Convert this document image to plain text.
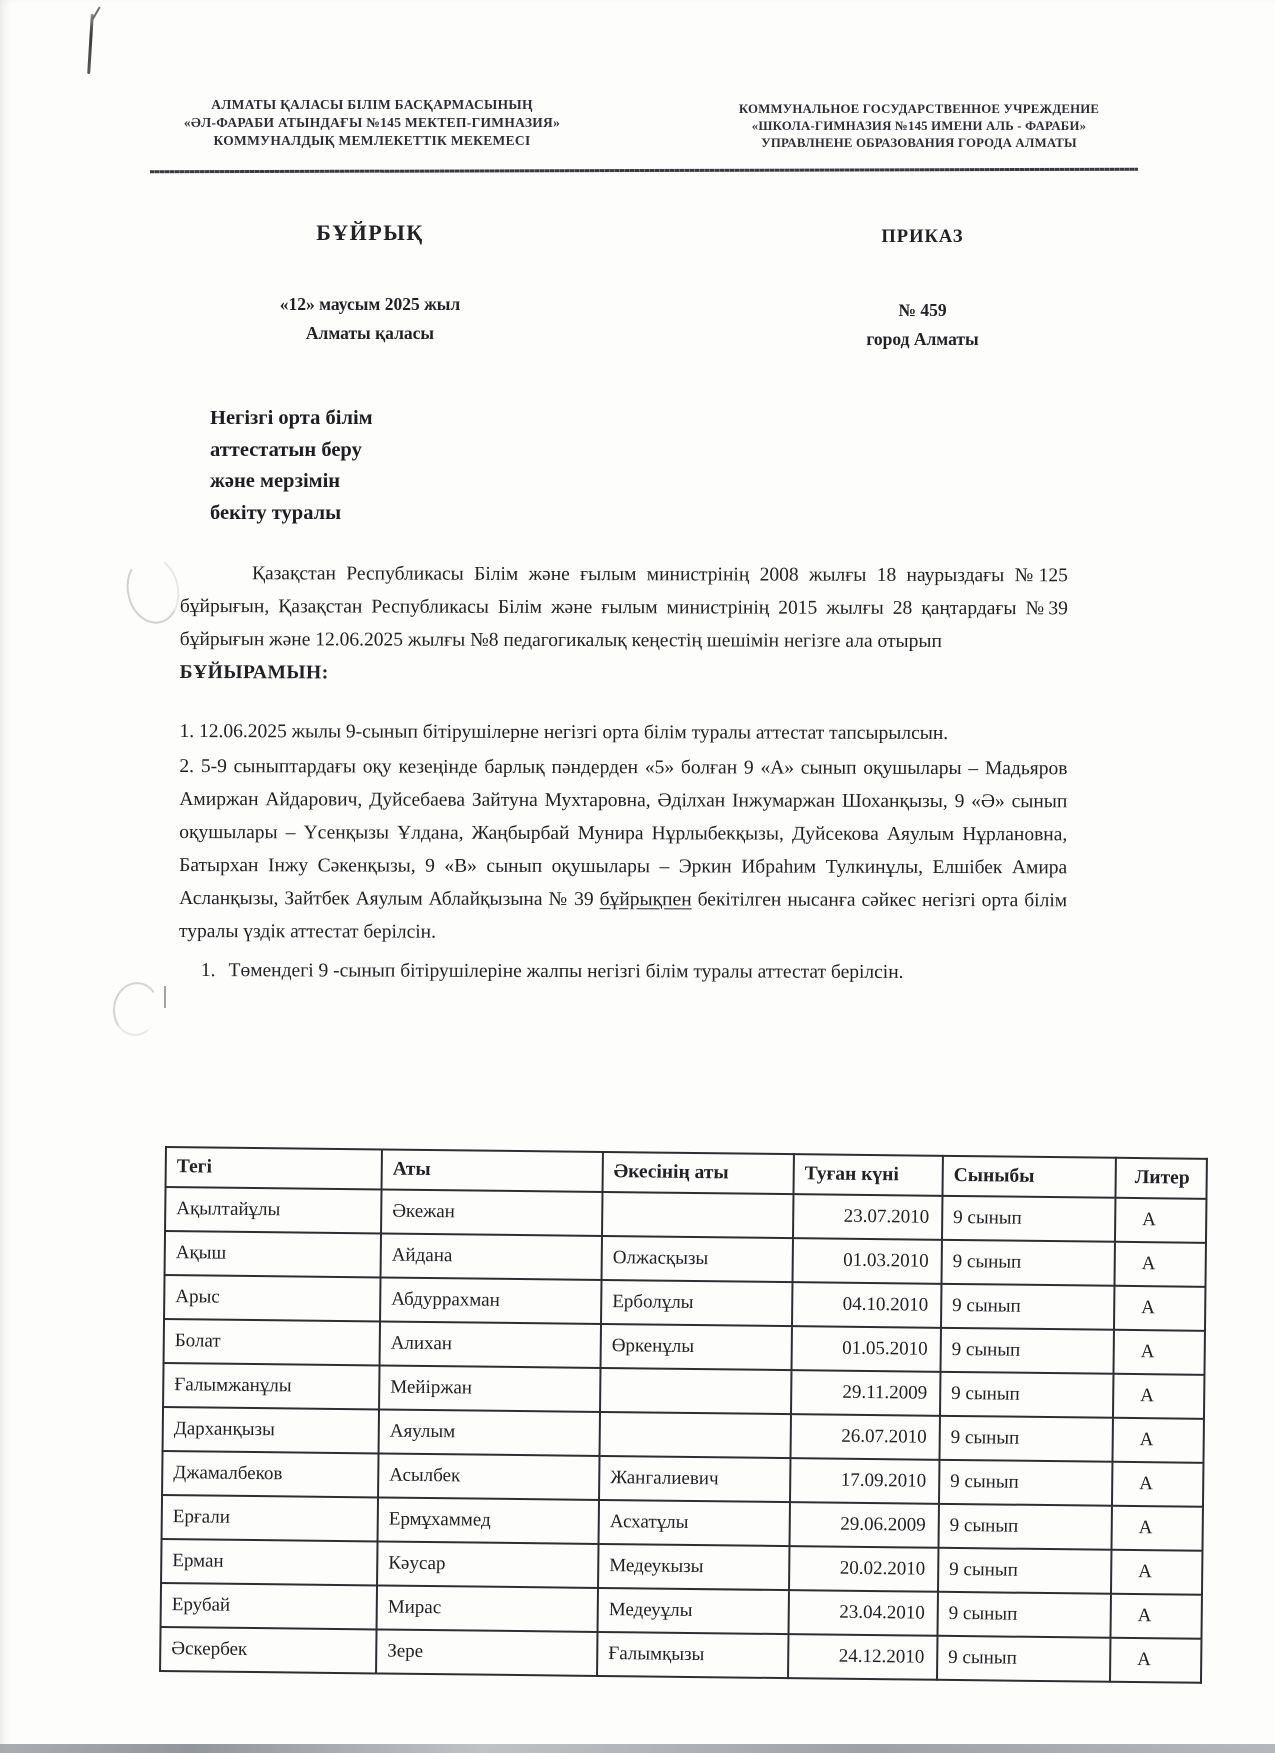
АЛМАТЫ ҚАЛАСЫ БІЛІМ БАСҚАРМАСЫНЫҢ
«ӘЛ-ФАРАБИ АТЫНДАҒЫ №145 МЕКТЕП-ГИМНАЗИЯ»
КОММУНАЛДЫҚ МЕМЛЕКЕТТІК МЕКЕМЕСІ
КОММУНАЛЬНОЕ ГОСУДАРСТВЕННОЕ УЧРЕЖДЕНИЕ
«ШКОЛА-ГИМНАЗИЯ №145 ИМЕНИ АЛЬ - ФАРАБИ»
УПРАВЛНЕНЕ ОБРАЗОВАНИЯ ГОРОДА АЛМАТЫ
БҰЙРЫҚ	ПРИКАЗ
«12» маусым 2025 жыл
Алматы қаласы
№ 459
город Алматы
Негізгі орта білім
аттестатын беру
және мерзімін
бекіту туралы

Қазақстан Республикасы Білім және ғылым министрінің 2008 жылғы 18 наурыздағы №125 бұйрығын, Қазақстан Республикасы Білім және ғылым министрінің 2015 жылғы 28 қаңтардағы №39 бұйрығын және 12.06.2025 жылғы №8 педагогикалық кеңестің шешімін негізге ала отырып
БҰЙЫРАМЫН:

1. 12.06.2025 жылы 9-сынып бітірушілерне негізгі орта білім туралы аттестат тапсырылсын.

2. 5-9 сыныптардағы оқу кезеңінде барлық пәндерден «5» болған 9 «А» сынып оқушылары – Мадьяров Амиржан Айдарович, Дуйсебаева Зайтуна Мухтаровна, Әділхан Інжумаржан Шоханқызы, 9 «Ә» сынып оқушылары – Үсенқызы Ұлдана, Жаңбырбай Мунира Нұрлыбекқызы, Дуйсекова Аяулым Нұрлановна, Батырхан Інжу Сәкенқызы, 9 «В» сынып оқушылары – Эркин Ибраһим Тулкинұлы, Елшібек Амира Асланқызы, Зайтбек Аяулым Аблайқызына № 39 бұйрықпен бекітілген нысанға сәйкес негізгі орта білім туралы үздік аттестат берілсін.

1. Төмендегі 9 -сынып бітірушілеріне жалпы негізгі білім туралы аттестат берілсін.

Тегі	Аты	Әкесінің аты	Туған күні	Сыныбы	Литер
Ақылтайұлы	Әкежан		23.07.2010	9 сынып	А
Ақыш	Айдана	Олжасқызы	01.03.2010	9 сынып	А
Арыс	Абдуррахман	Ерболұлы	04.10.2010	9 сынып	А
Болат	Алихан	Өркенұлы	01.05.2010	9 сынып	А
Ғалымжанұлы	Мейіржан		29.11.2009	9 сынып	А
Дарханқызы	Аяулым		26.07.2010	9 сынып	А
Джамалбеков	Асылбек	Жангалиевич	17.09.2010	9 сынып	А
Ерғали	Ермұхаммед	Асхатұлы	29.06.2009	9 сынып	А
Ерман	Кәусар	Медеукызы	20.02.2010	9 сынып	А
Ерубай	Мирас	Медеуұлы	23.04.2010	9 сынып	А
Әскербек	Зере	Ғалымқызы	24.12.2010	9 сынып	А
